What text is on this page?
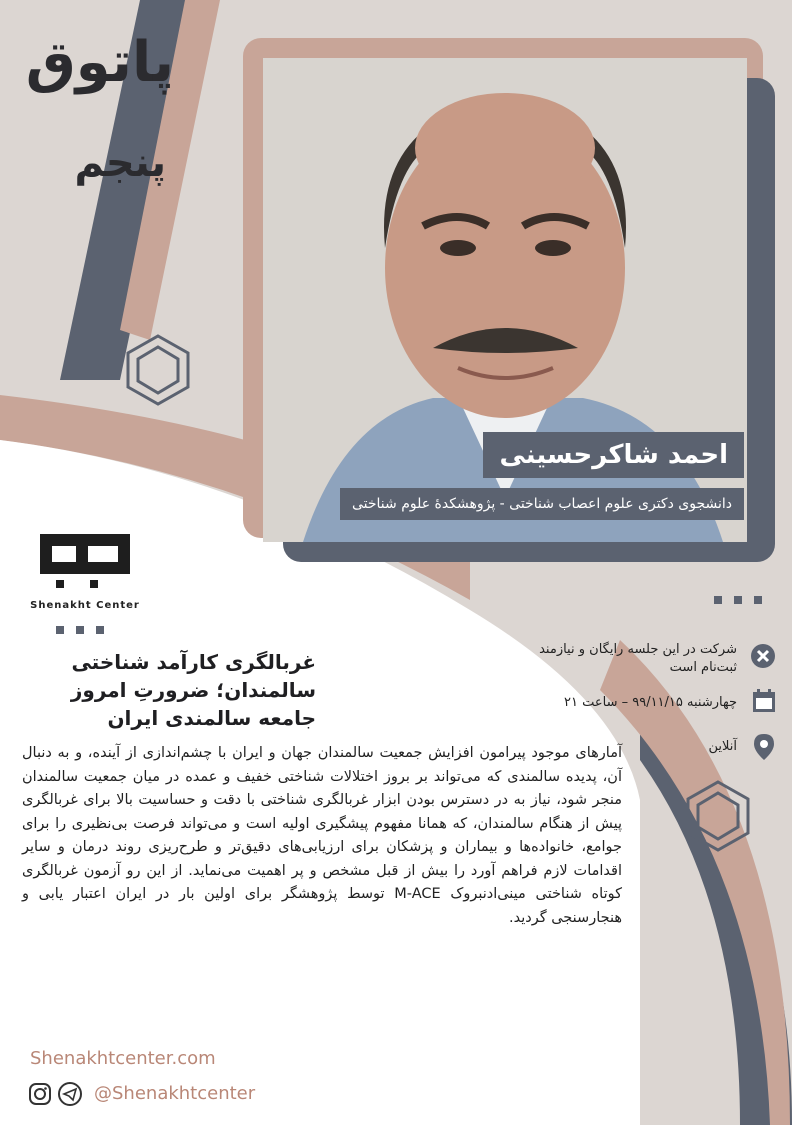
پاتوق
پنجم
احمد شاکرحسینی
دانشجوی دکتری علوم اعصاب شناختی - پژوهشکدهٔ علوم شناختی
Shenakht Center
غربالگری کارآمد شناختی سالمندان؛ ضرورتِ امروز جامعه سالمندی ایران
آمارهای موجود پیرامون افزایش جمعیت سالمندان جهان و ایران با چشم‌اندازی از آینده، و به دنبال آن، پدیده سالمندی که می‌تواند بر بروز اختلالات شناختی خفیف و عمده در میان جمعیت سالمندان منجر شود، نیاز به در دسترس بودن ابزار غربالگری شناختی با دقت و حساسیت بالا برای غربالگری پیش از هنگام سالمندان، که همانا مفهوم پیشگیری اولیه است و می‌تواند فرصت بی‌نظیری را برای جوامع، خانواده‌ها و بیماران و پزشکان برای ارزیابی‌های دقیق‌تر و طرح‌ریزی روند درمان و سایر اقدامات لازم فراهم آورد را بیش از قبل مشخص و پر اهمیت می‌نماید. از این رو آزمون غربالگری کوتاه شناختی مینی‌ادنبروک M-ACE توسط پژوهشگر برای اولین بار در ایران اعتبار یابی و هنجارسنجی گردید.
شرکت در این جلسه رایگان و نیازمند ثبت‌نام است
چهارشنبه ۹۹/۱۱/۱۵ – ساعت ۲۱
آنلاین
Shenakhtcenter.com
@Shenakhtcenter
